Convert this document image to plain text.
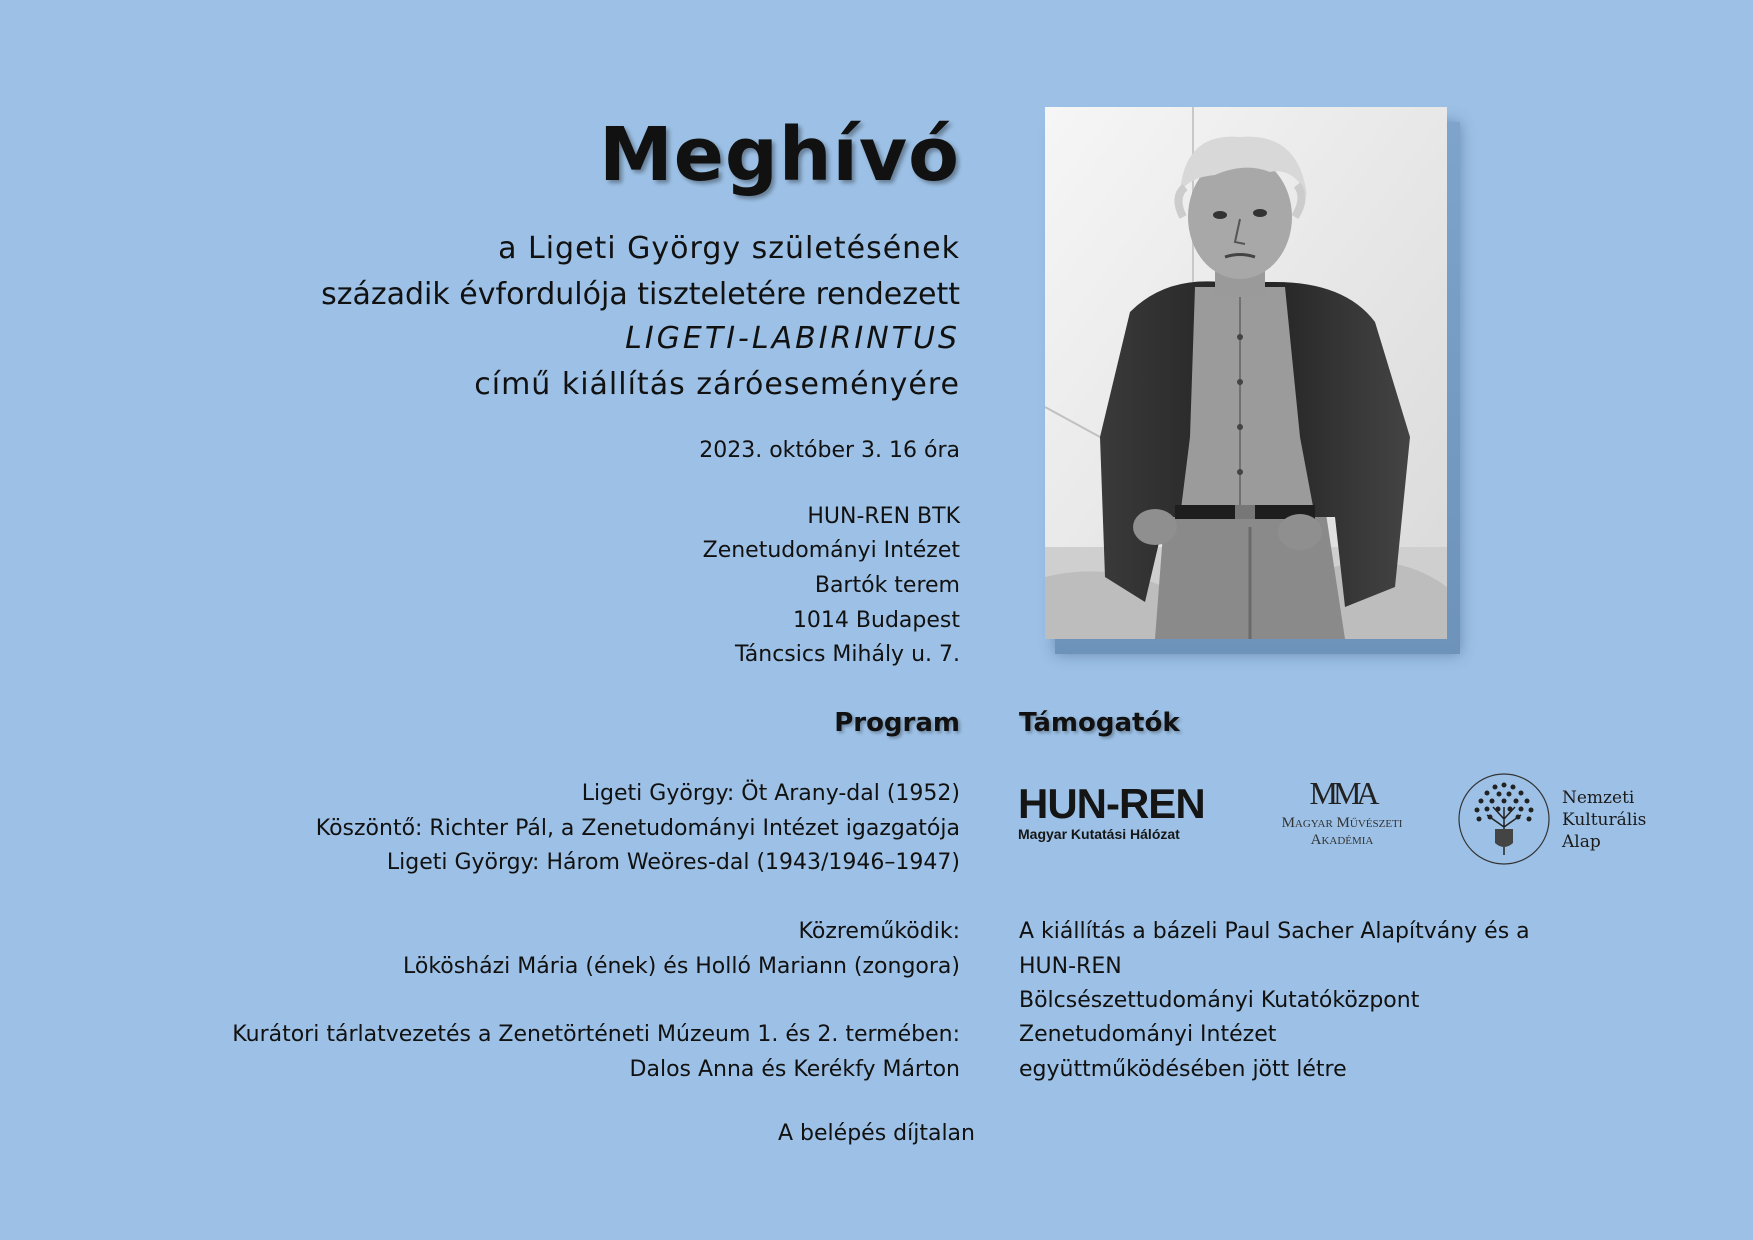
Meghívó
a Ligeti György születésének
századik évfordulója tiszteletére rendezett
LIGETI-LABIRINTUS
című kiállítás záróeseményére
2023. október 3. 16 óra
HUN-REN BTK
Zenetudományi Intézet
Bartók terem
1014 Budapest
Táncsics Mihály u. 7.
Program Támogatók
Ligeti György: Öt Arany-dal (1952)
Köszöntő: Richter Pál, a Zenetudományi Intézet igazgatója
Ligeti György: Három Weöres-dal (1943/1946–1947)
Közreműködik:
Lökösházi Mária (ének) és Holló Mariann (zongora)
Kurátori tárlatvezetés a Zenetörténeti Múzeum 1. és 2. termében:
Dalos Anna és Kerékfy Márton
HUN-REN
Magyar Kutatási Hálózat
MMA
Magyar Művészeti
Akadémia
Nemzeti
Kulturális
Alap
A kiállítás a bázeli Paul Sacher Alapítvány és a
HUN-REN
Bölcsészettudományi Kutatóközpont
Zenetudományi Intézet
együttműködésében jött létre
A belépés díjtalan
